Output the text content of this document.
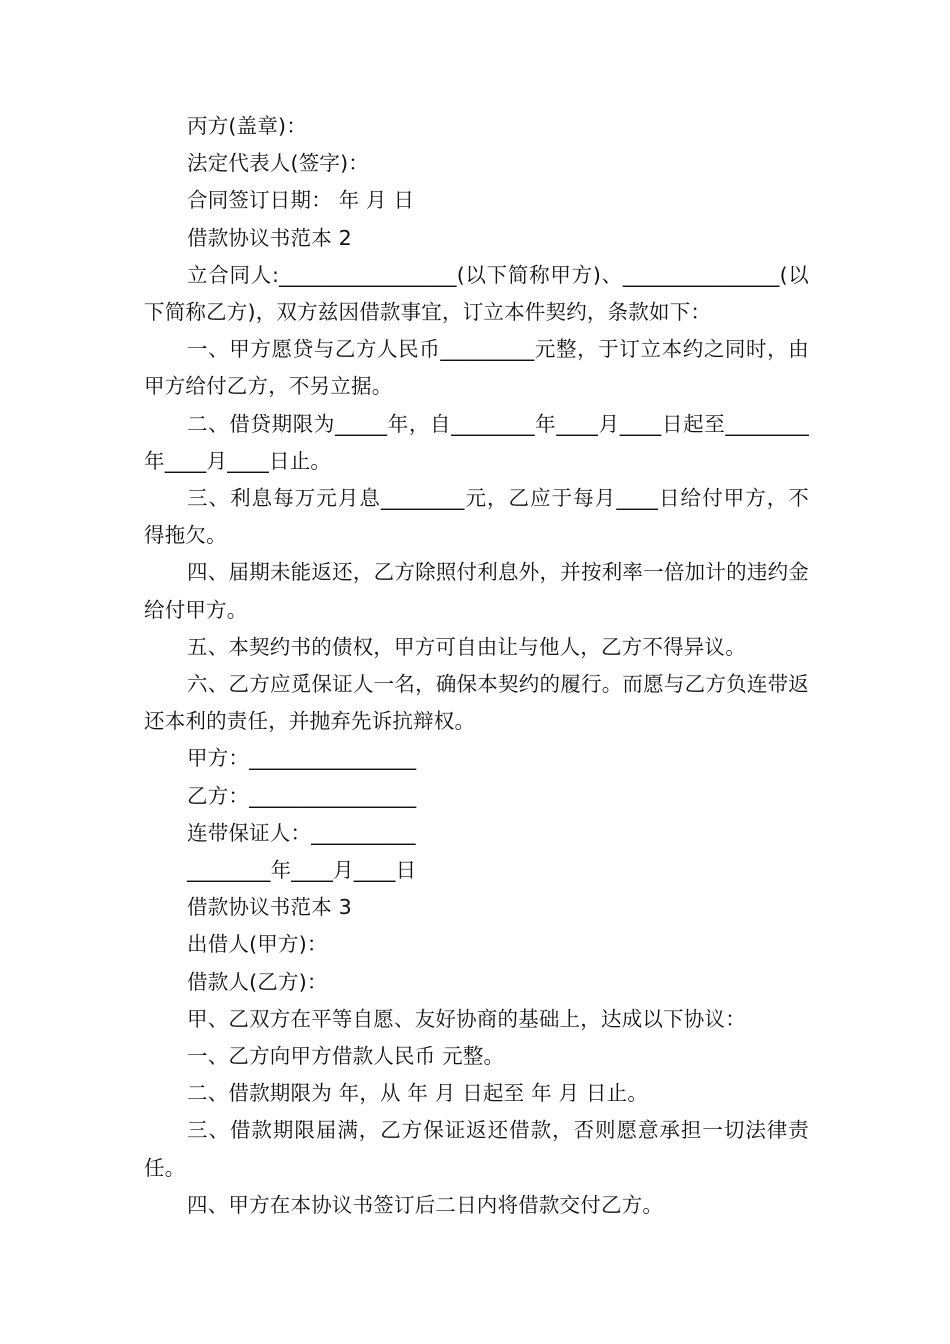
丙方(盖章)：

法定代表人(签字)：

合同签订日期： 年 月 日

借款协议书范本 2

立合同人:_________________(以下简称甲方)、_______________(以下简称乙方)，双方兹因借款事宜，订立本件契约，条款如下：

一、甲方愿贷与乙方人民币_________元整，于订立本约之同时，由甲方给付乙方，不另立据。

二、借贷期限为_____年，自________年____月____日起至________年____月____日止。

三、利息每万元月息________元，乙应于每月____日给付甲方，不得拖欠。

四、届期未能返还，乙方除照付利息外，并按利率一倍加计的违约金给付甲方。

五、本契约书的债权，甲方可自由让与他人，乙方不得异议。

六、乙方应觅保证人一名，确保本契约的履行。而愿与乙方负连带返还本利的责任，并抛弃先诉抗辩权。

甲方：________________

乙方：________________

连带保证人：__________

________年____月____日

借款协议书范本 3

出借人(甲方)：

借款人(乙方)：

甲、乙双方在平等自愿、友好协商的基础上，达成以下协议：

一、乙方向甲方借款人民币 元整。

二、借款期限为 年，从 年 月 日起至 年 月 日止。

三、借款期限届满，乙方保证返还借款，否则愿意承担一切法律责任。

四、甲方在本协议书签订后二日内将借款交付乙方。
